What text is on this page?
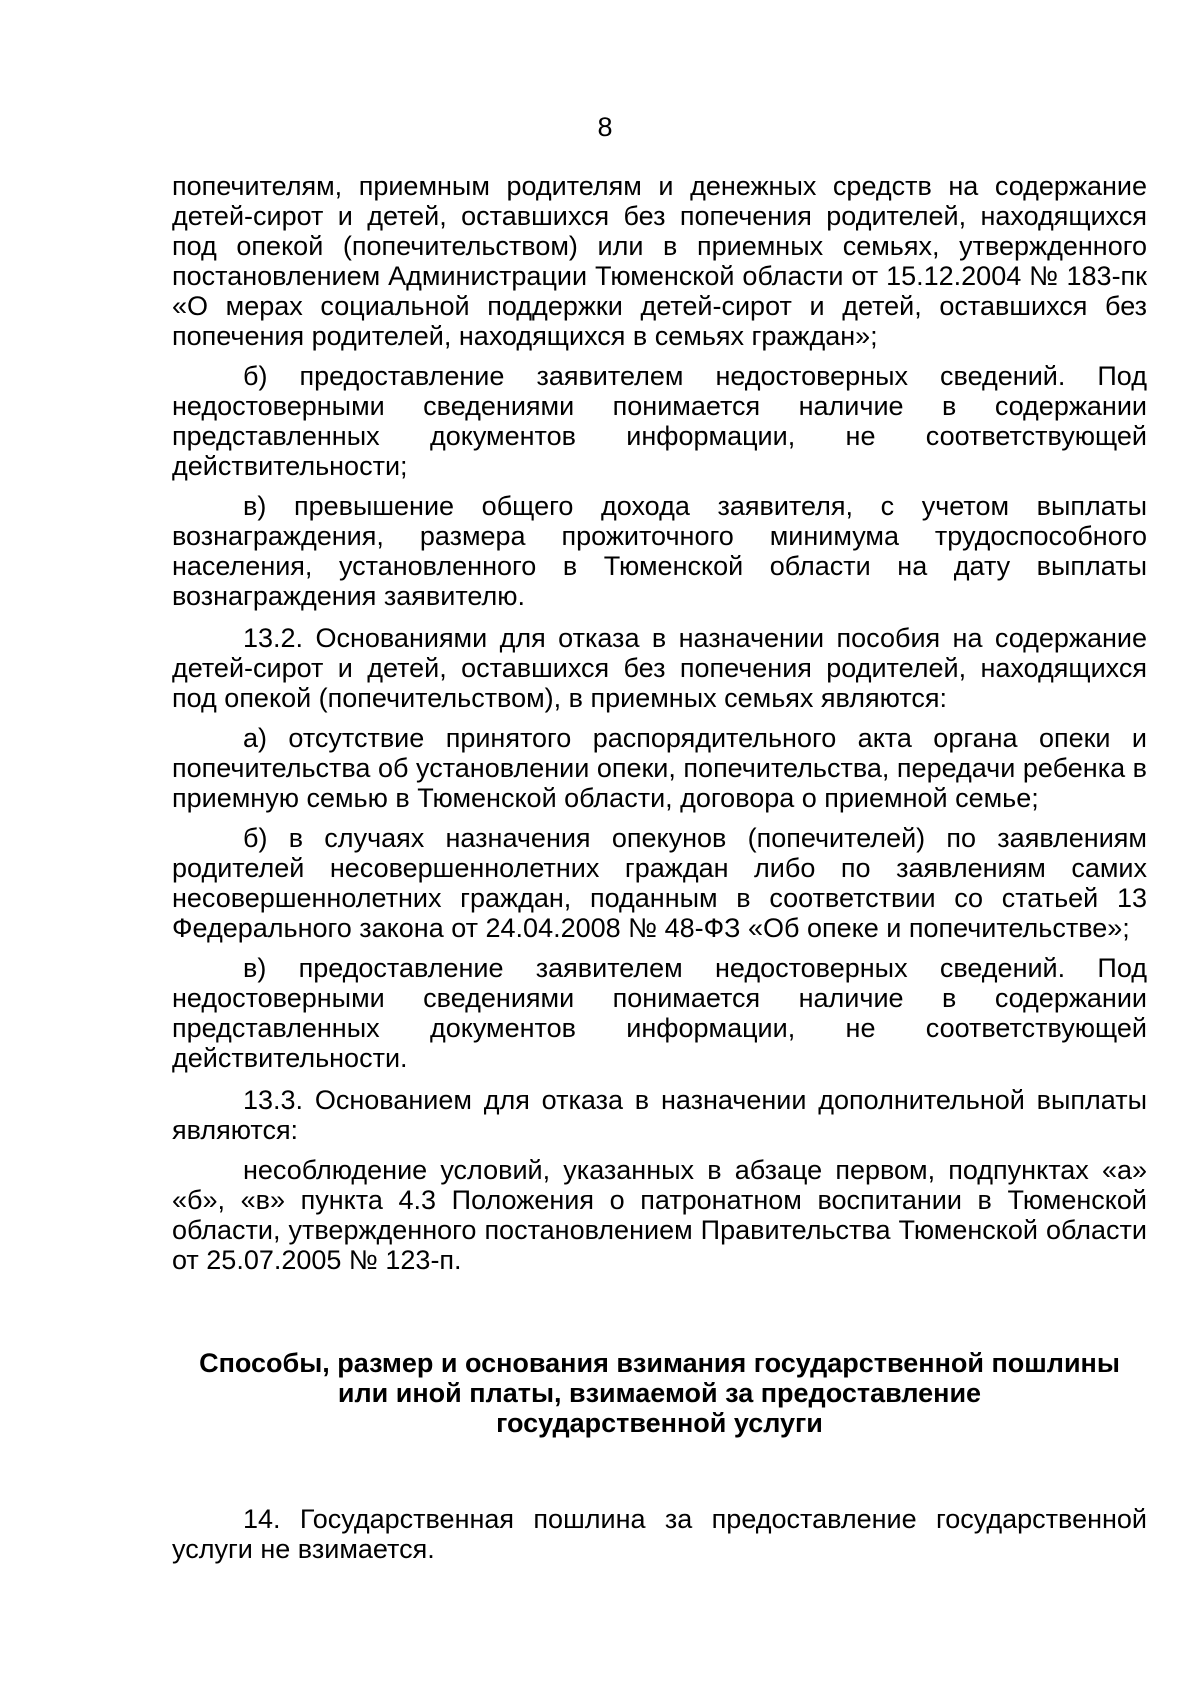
8

попечителям, приемным родителям и денежных средств на содержание детей-сирот и детей, оставшихся без попечения родителей, находящихся под опекой (попечительством) или в приемных семьях, утвержденного постановлением Администрации Тюменской области от 15.12.2004 № 183-пк «О мерах социальной поддержки детей-сирот и детей, оставшихся без попечения родителей, находящихся в семьях граждан»;

б) предоставление заявителем недостоверных сведений. Под недостоверными сведениями понимается наличие в содержании представленных документов информации, не соответствующей действительности;

в) превышение общего дохода заявителя, с учетом выплаты вознаграждения, размера прожиточного минимума трудоспособного населения, установленного в Тюменской области на дату выплаты вознаграждения заявителю.

13.2. Основаниями для отказа в назначении пособия на содержание детей-сирот и детей, оставшихся без попечения родителей, находящихся под опекой (попечительством), в приемных семьях являются:

а) отсутствие принятого распорядительного акта органа опеки и попечительства об установлении опеки, попечительства, передачи ребенка в приемную семью в Тюменской области, договора о приемной семье;

б) в случаях назначения опекунов (попечителей) по заявлениям родителей несовершеннолетних граждан либо по заявлениям самих несовершеннолетних граждан, поданным в соответствии со статьей 13 Федерального закона от 24.04.2008 № 48-ФЗ «Об опеке и попечительстве»;

в) предоставление заявителем недостоверных сведений. Под недостоверными сведениями понимается наличие в содержании представленных документов информации, не соответствующей действительности.

13.3. Основанием для отказа в назначении дополнительной выплаты являются:

несоблюдение условий, указанных в абзаце первом, подпунктах «а» «б», «в» пункта 4.3 Положения о патронатном воспитании в Тюменской области, утвержденного постановлением Правительства Тюменской области от 25.07.2005 № 123-п.

Способы, размер и основания взимания государственной пошлины
или иной платы, взимаемой за предоставление
государственной услуги

14. Государственная пошлина за предоставление государственной услуги не взимается.
